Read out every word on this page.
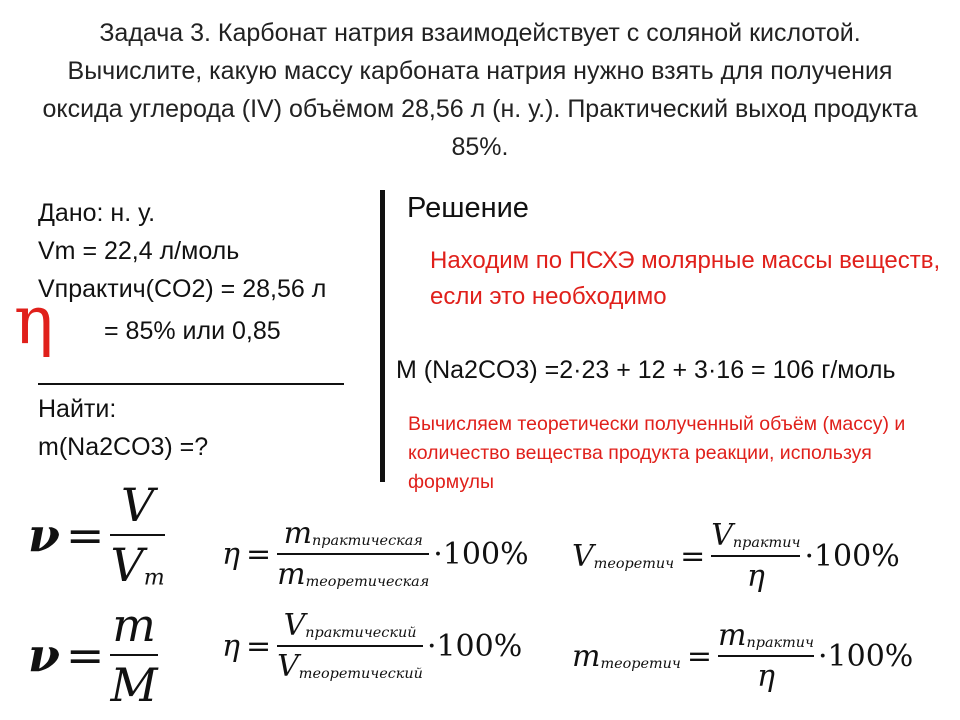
Задача 3. Карбонат натрия взаимодействует с соляной кислотой. Вычислите, какую массу карбоната натрия нужно взять для получения оксида углерода (IV) объёмом 28,56 л (н. у.). Практический выход продукта 85%.
Дано: н. у.
Vm = 22,4 л/моль
Vпрактич(CO2) = 28,56 л
= 85% или 0,85
Найти:
m(Na2CO3) =?
η
Решение
Находим по ПСХЭ молярные массы веществ, если это необходимо
M (Na2CO3) =2·23 + 12 + 3·16 = 106 г/моль
Вычисляем теоретически полученный объём (массу) и количество вещества продукта реакции, используя формулы
$\nu = \frac{V}{Vm}$
$\nu = \frac{m}{M}$
$\eta = \frac{\text{mпрактическая}}{\text{mтеоретическая}} \cdot 100\%$
$\eta = \frac{\text{Vпрактический}}{\text{Vтеоретический}} \cdot 100\%$
Vтеоретич = $\frac{\text{Vпрактич}}{\eta} \cdot 100\%$
mтеоретич = $\frac{\text{mпрактич}}{\eta} \cdot 100\%$
